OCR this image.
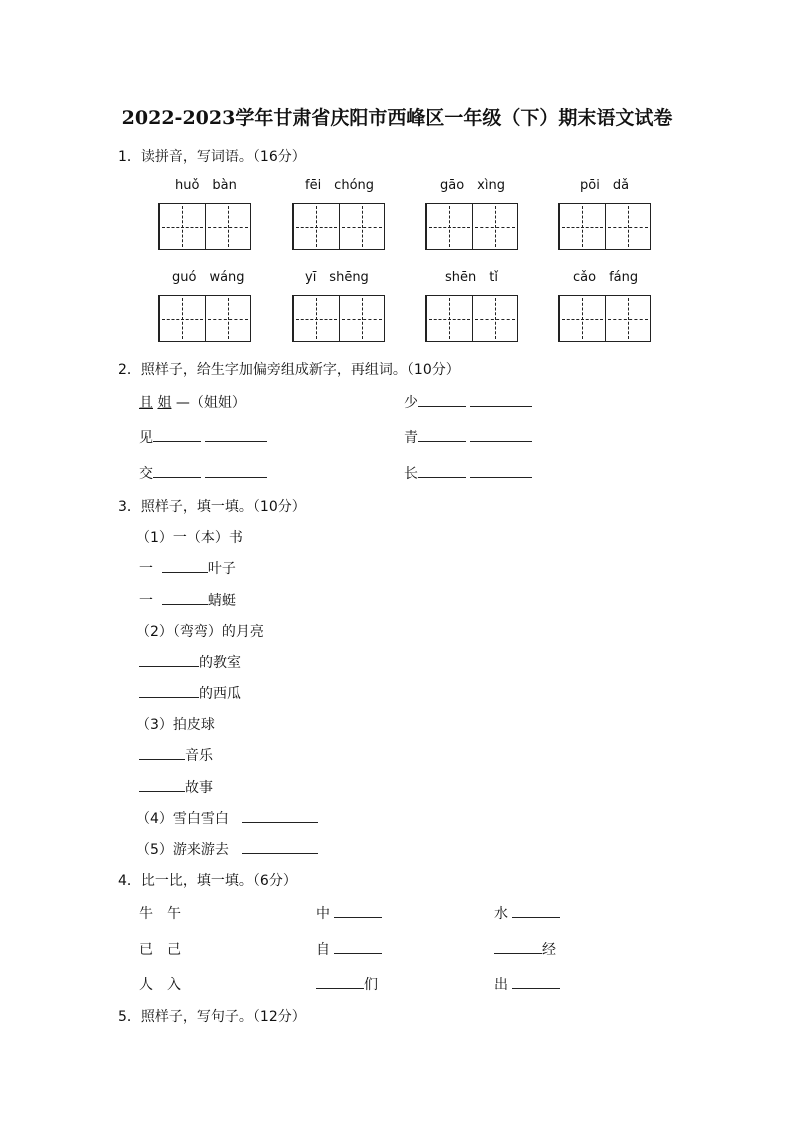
2022-2023学年甘肃省庆阳市西峰区一年级（下）期末语文试卷
1．读拼音，写词语。（16分）
huǒ　bàn	fēi　chóng	gāo　xìng	pōi　dǎ
guó　wáng	yī　shēng	shēn　tǐ	cǎo　fáng
2．照样子，给生字加偏旁组成新字，再组词。（10分）
且 姐 —（姐姐）	少
见	青
交	长
3．照样子，填一填。（10分）
（1）一（本）书
一	叶子
一	蜻蜓
（2）（弯弯）的月亮
的教室
的西瓜
（3）拍皮球
音乐
故事
（4）雪白雪白
（5）游来游去
4．比一比，填一填。（6分）
牛　午	中	水
已　己	自	经
人　入	们	出
5．照样子，写句子。（12分）
